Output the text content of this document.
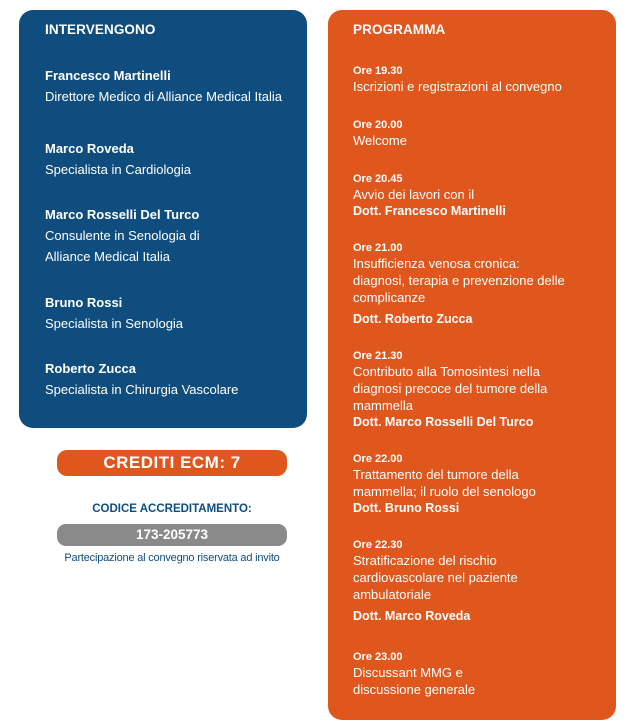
INTERVENGONO
Francesco Martinelli
Direttore Medico di Alliance Medical Italia
Marco Roveda
Specialista in Cardiologia
Marco Rosselli Del Turco
Consulente in Senologia di Alliance Medical Italia
Bruno Rossi
Specialista in Senologia
Roberto Zucca
Specialista in Chirurgia Vascolare
CREDITI ECM: 7
CODICE ACCREDITAMENTO:
173-205773
Partecipazione al convegno riservata ad invito
PROGRAMMA
Ore 19.30
Iscrizioni e registrazioni al convegno
Ore 20.00
Welcome
Ore 20.45
Avvio dei lavori con il
Dott. Francesco Martinelli
Ore 21.00
Insufficienza venosa cronica: diagnosi, terapia e prevenzione delle complicanze
Dott. Roberto Zucca
Ore 21.30
Contributo alla Tomosintesi nella diagnosi precoce del tumore della mammella
Dott. Marco Rosselli Del Turco
Ore 22.00
Trattamento del tumore della mammella; il ruolo del senologo
Dott. Bruno Rossi
Ore 22.30
Stratificazione del rischio cardiovascolare nel paziente ambulatoriale
Dott. Marco Roveda
Ore 23.00
Discussant MMG e discussione generale
